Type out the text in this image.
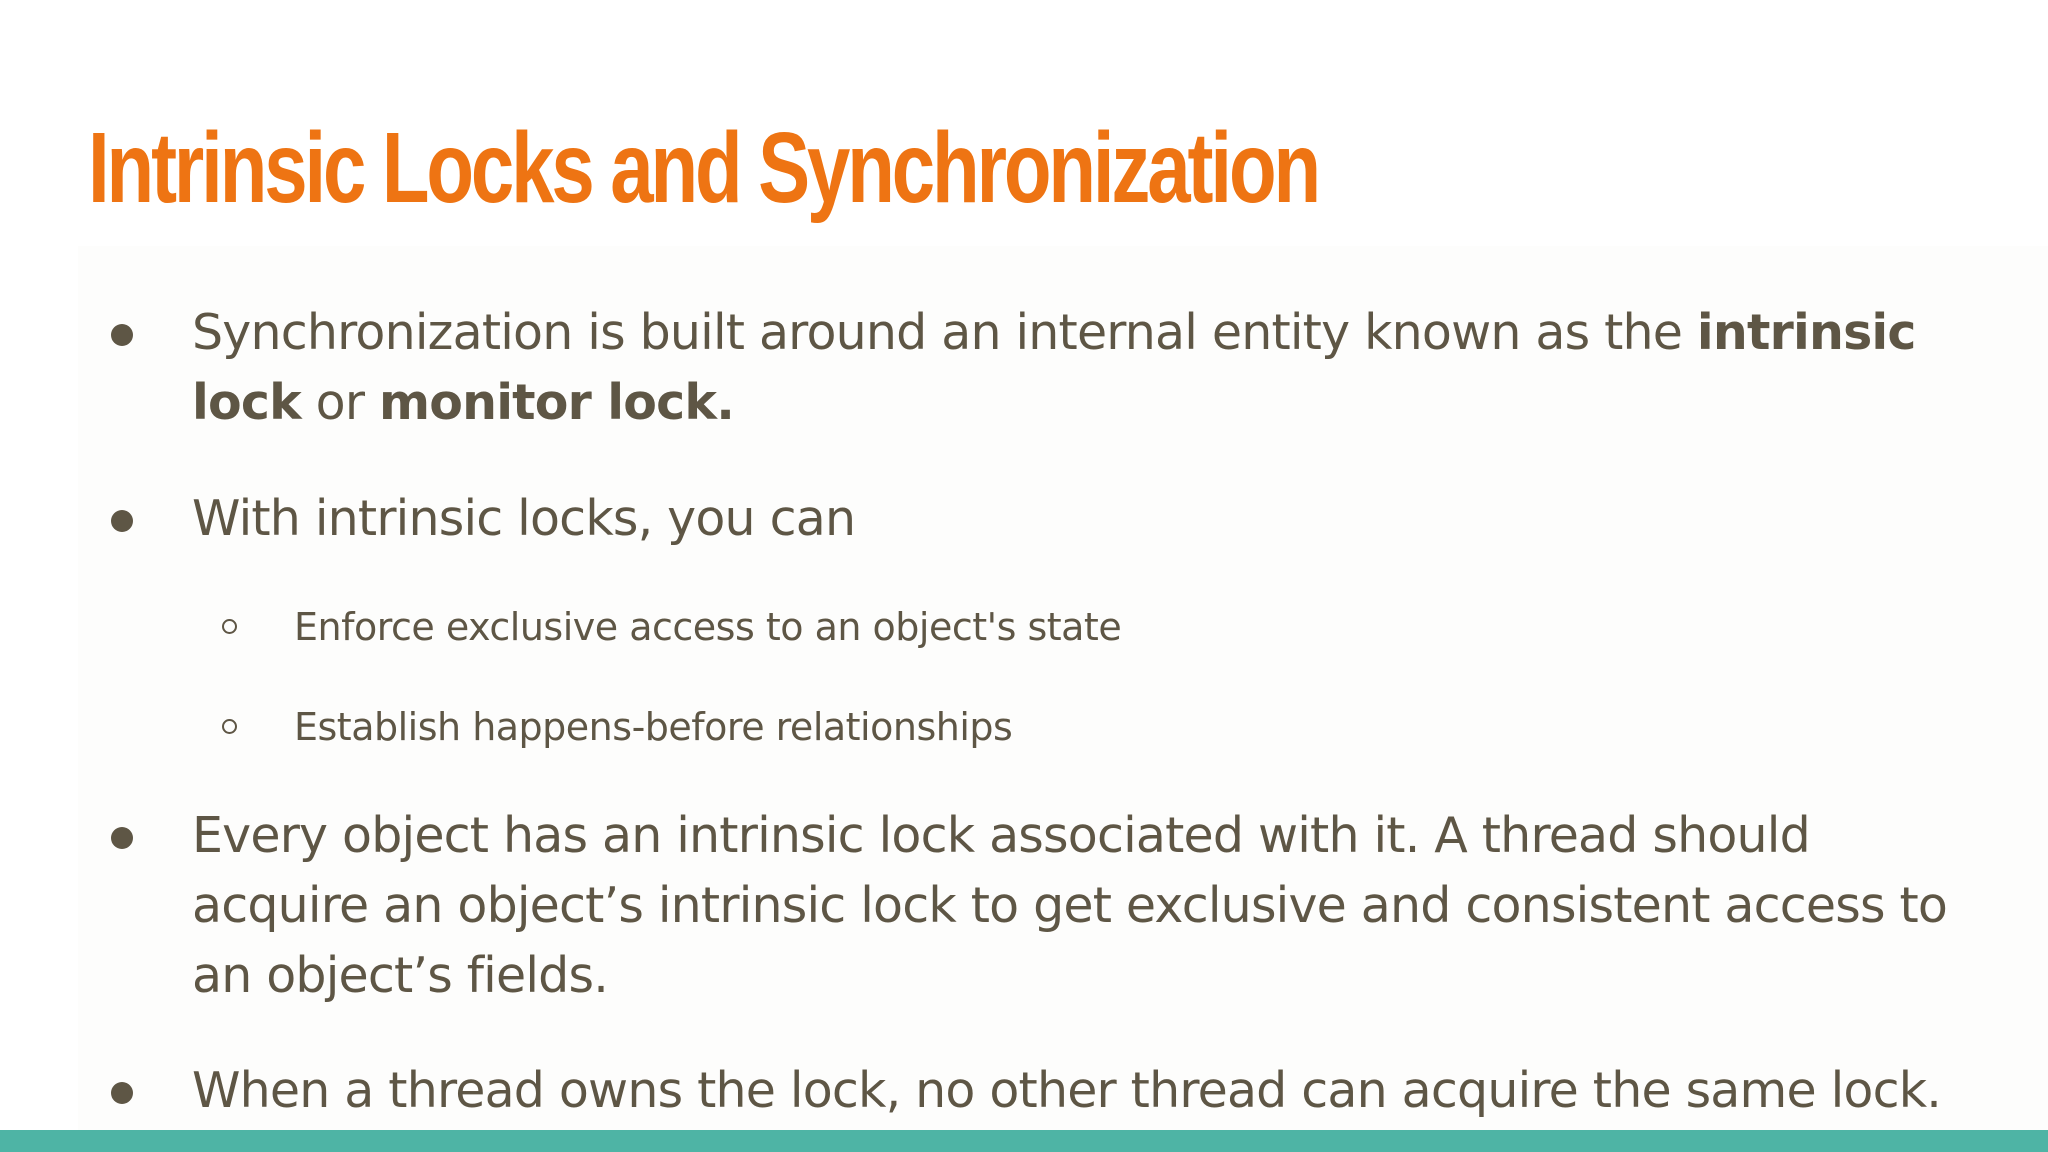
Intrinsic Locks and Synchronization
Synchronization is built around an internal entity known as the intrinsic
lock or monitor lock.
With intrinsic locks, you can
Enforce exclusive access to an object's state
Establish happens-before relationships
Every object has an intrinsic lock associated with it. A thread should
acquire an object’s intrinsic lock to get exclusive and consistent access to
an object’s fields.
When a thread owns the lock, no other thread can acquire the same lock.
